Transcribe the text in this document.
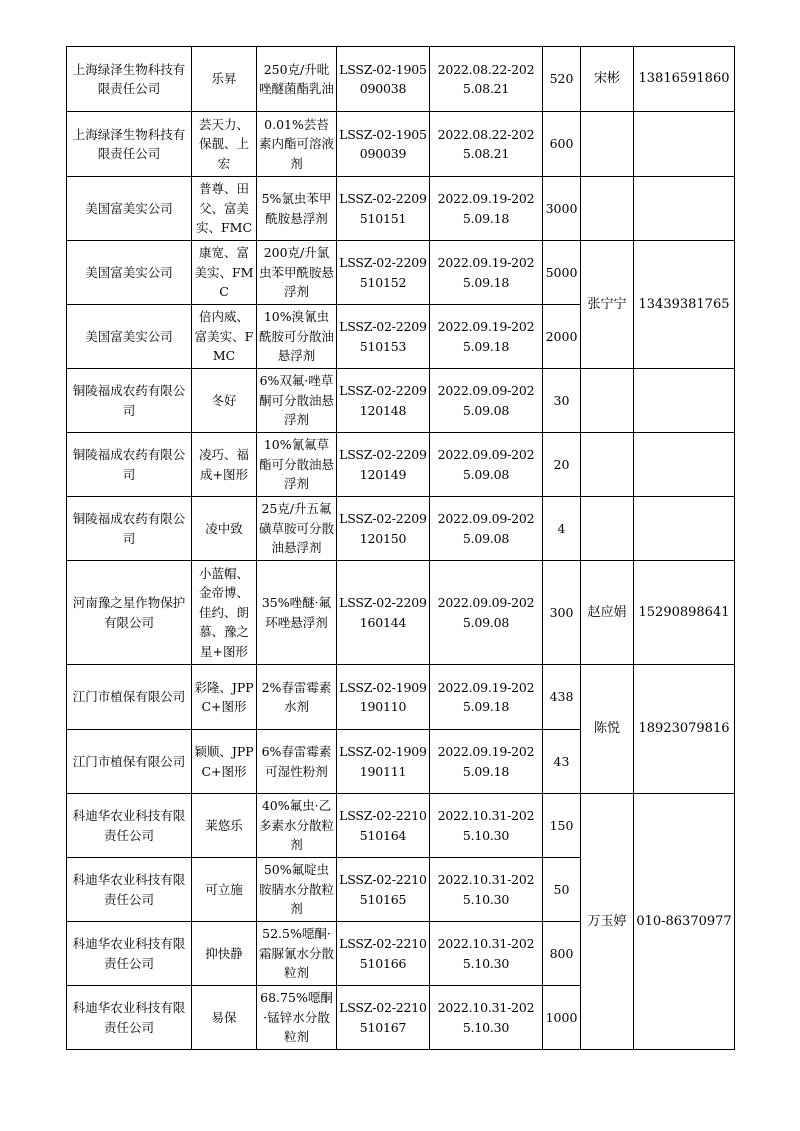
上海绿泽生物科技有限责任公司	乐昇	250克/升吡唑醚菌酯乳油	LSSZ-02-1905090038	2022.08.22-2025.08.21	520	宋彬	13816591860
上海绿泽生物科技有限责任公司	芸天力、保靓、上宏	0.01%芸苔素内酯可溶液剂	LSSZ-02-1905090039	2022.08.22-2025.08.21	600		
美国富美实公司	普尊、田父、富美实、FMC	5%氯虫苯甲酰胺悬浮剂	LSSZ-02-2209510151	2022.09.19-2025.09.18	3000		
美国富美实公司	康宽、富美实、FMC	200克/升氯虫苯甲酰胺悬浮剂	LSSZ-02-2209510152	2022.09.19-2025.09.18	5000	张宁宁	13439381765
美国富美实公司	倍内威、富美实、FMC	10%溴氰虫酰胺可分散油悬浮剂	LSSZ-02-2209510153	2022.09.19-2025.09.18	2000		
铜陵福成农药有限公司	冬好	6%双氟·唑草酮可分散油悬浮剂	LSSZ-02-2209120148	2022.09.09-2025.09.08	30		
铜陵福成农药有限公司	凌巧、福成+图形	10%氰氟草酯可分散油悬浮剂	LSSZ-02-2209120149	2022.09.09-2025.09.08	20		
铜陵福成农药有限公司	凌中致	25克/升五氟磺草胺可分散油悬浮剂	LSSZ-02-2209120150	2022.09.09-2025.09.08	4		
河南豫之星作物保护有限公司	小蓝帽、金帝博、佳约、朗慕、豫之星+图形	35%唑醚·氟环唑悬浮剂	LSSZ-02-2209160144	2022.09.09-2025.09.08	300	赵应娟	15290898641
江门市植保有限公司	彩隆、JPPC+图形	2%春雷霉素水剂	LSSZ-02-1909190110	2022.09.19-2025.09.18	438	陈悦	18923079816
江门市植保有限公司	颖顺、JPPC+图形	6%春雷霉素可湿性粉剂	LSSZ-02-1909190111	2022.09.19-2025.09.18	43		
科迪华农业科技有限责任公司	莱悠乐	40%氟虫·乙多素水分散粒剂	LSSZ-02-2210510164	2022.10.31-2025.10.30	150	万玉婷	010-86370977
科迪华农业科技有限责任公司	可立施	50%氟啶虫胺腈水分散粒剂	LSSZ-02-2210510165	2022.10.31-2025.10.30	50		
科迪华农业科技有限责任公司	抑快静	52.5%噁酮·霜脲氰水分散粒剂	LSSZ-02-2210510166	2022.10.31-2025.10.30	800		
科迪华农业科技有限责任公司	易保	68.75%噁酮·锰锌水分散粒剂	LSSZ-02-2210510167	2022.10.31-2025.10.30	1000		
